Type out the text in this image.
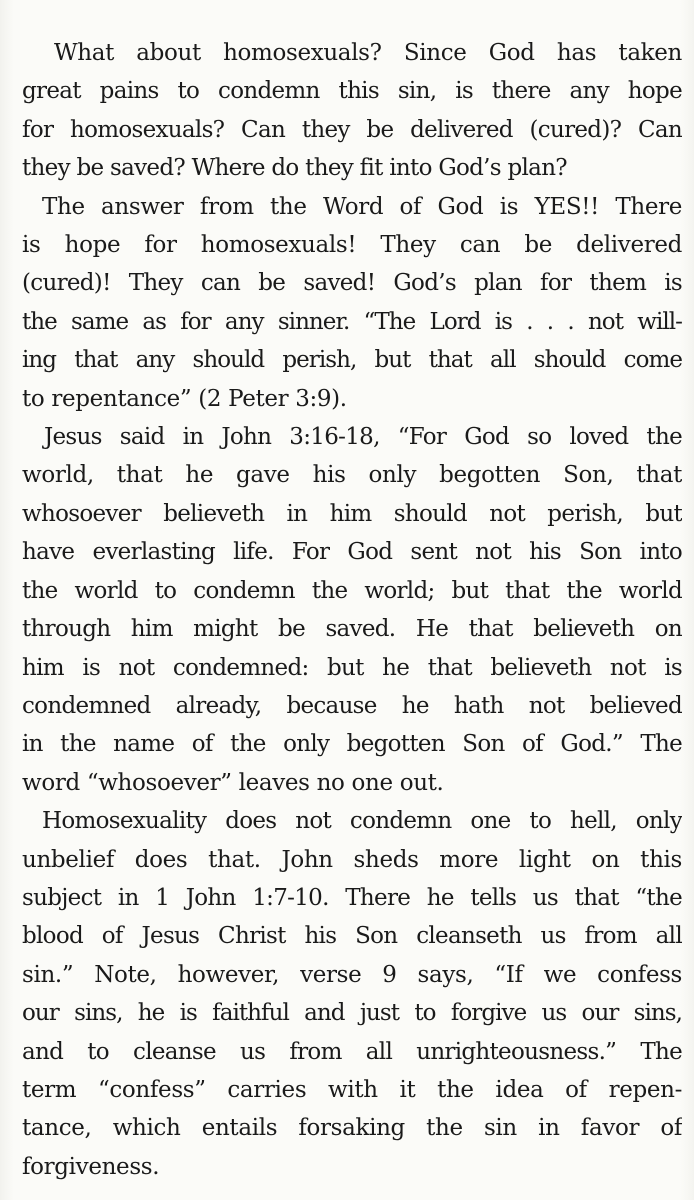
What about homosexuals? Since God has taken
great pains to condemn this sin, is there any hope
for homosexuals? Can they be delivered (cured)? Can
they be saved? Where do they fit into God’s plan?
The answer from the Word of God is YES!! There
is hope for homosexuals! They can be delivered
(cured)! They can be saved! God’s plan for them is
the same as for any sinner. “The Lord is . . . not will-
ing that any should perish, but that all should come
to repentance” (2 Peter 3:9).
Jesus said in John 3:16-18, “For God so loved the
world, that he gave his only begotten Son, that
whosoever believeth in him should not perish, but
have everlasting life. For God sent not his Son into
the world to condemn the world; but that the world
through him might be saved. He that believeth on
him is not condemned: but he that believeth not is
condemned already, because he hath not believed
in the name of the only begotten Son of God.” The
word “whosoever” leaves no one out.
Homosexuality does not condemn one to hell, only
unbelief does that. John sheds more light on this
subject in 1 John 1:7-10. There he tells us that “the
blood of Jesus Christ his Son cleanseth us from all
sin.” Note, however, verse 9 says, “If we confess
our sins, he is faithful and just to forgive us our sins,
and to cleanse us from all unrighteousness.” The
term “confess” carries with it the idea of repen-
tance, which entails forsaking the sin in favor of
forgiveness.
